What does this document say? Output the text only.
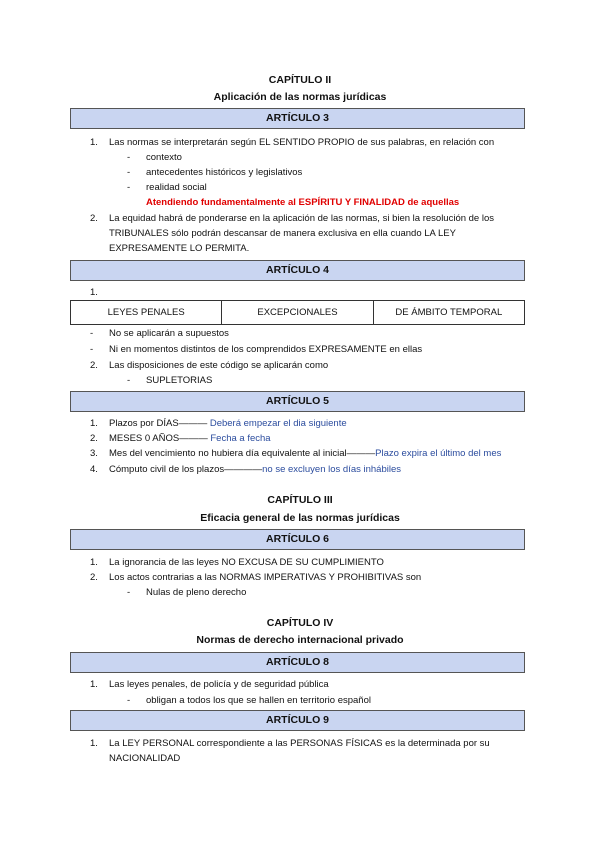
CAPÍTULO II
Aplicación de las normas jurídicas
ARTÍCULO 3
1. Las normas se interpretarán según EL SENTIDO PROPIO de sus palabras, en relación con
- contexto
- antecedentes históricos y legislativos
- realidad social
Atendiendo fundamentalmente al ESPÍRITU Y FINALIDAD de aquellas
2. La equidad habrá de ponderarse en la aplicación de las normas, si bien la resolución de los
TRIBUNALES sólo podrán descansar de manera exclusiva en ella cuando LA LEY
EXPRESAMENTE LO PERMITA.
ARTÍCULO 4
1.
LEYES PENALES	EXCEPCIONALES	DE ÁMBITO TEMPORAL
- No se aplicarán a supuestos
- Ni en momentos distintos de los comprendidos EXPRESAMENTE en ellas
2. Las disposiciones de este código se aplicarán como
- SUPLETORIAS
ARTÍCULO 5
1. Plazos por DÍAS——— Deberá empezar el dia siguiente
2. MESES 0 AÑOS——— Fecha a fecha
3. Mes del vencimiento no hubiera día equivalente al inicial———Plazo expira el último del mes
4. Cómputo civil de los plazos————no se excluyen los días inhábiles
CAPÍTULO III
Eficacia general de las normas jurídicas
ARTÍCULO 6
1. La ignorancia de las leyes NO EXCUSA DE SU CUMPLIMIENTO
2. Los actos contrarias a las NORMAS IMPERATIVAS Y PROHIBITIVAS son
- Nulas de pleno derecho
CAPÍTULO IV
Normas de derecho internacional privado
ARTÍCULO 8
1. Las leyes penales, de policía y de seguridad pública
- obligan a todos los que se hallen en territorio español
ARTÍCULO 9
1. La LEY PERSONAL correspondiente a las PERSONAS FÍSICAS es la determinada por su
NACIONALIDAD
